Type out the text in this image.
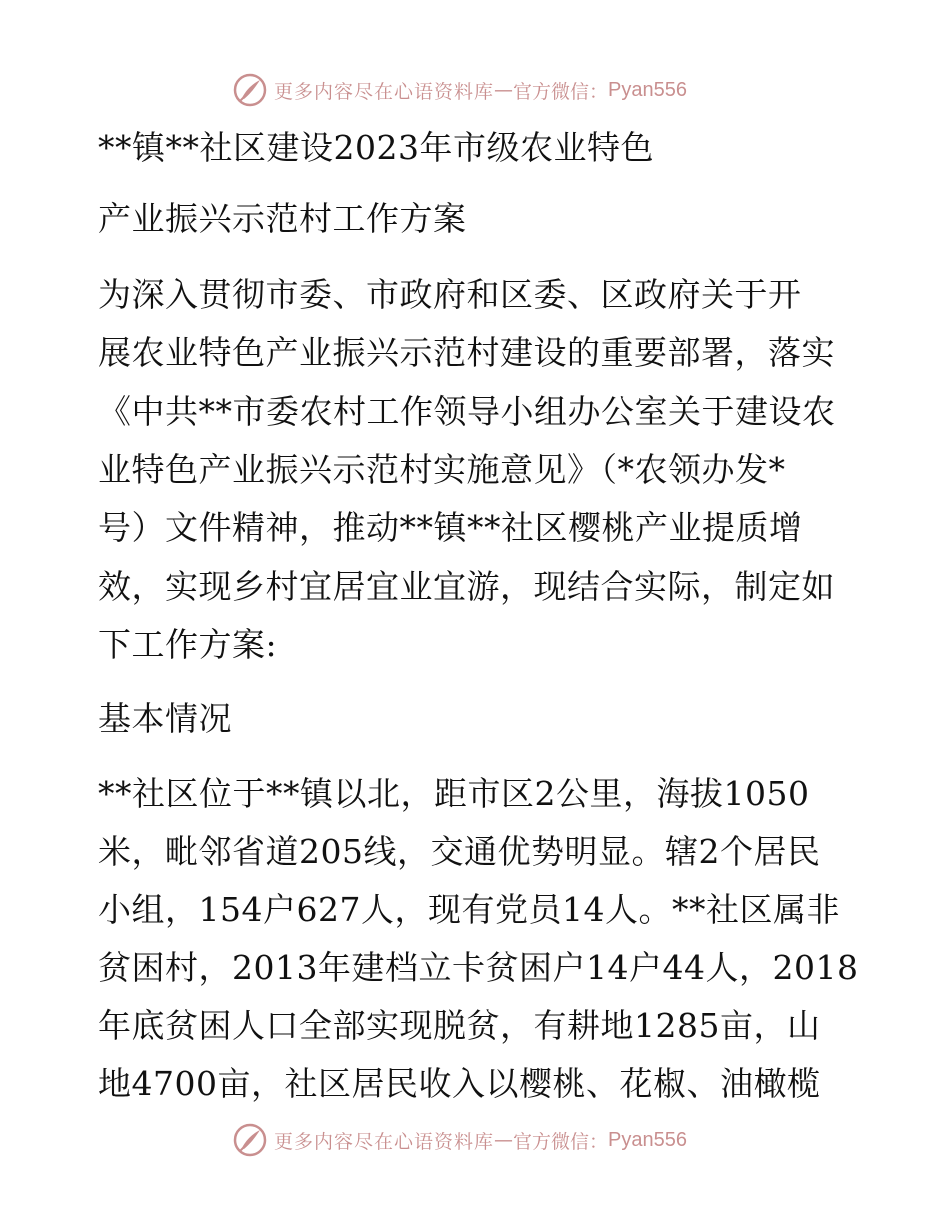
更多内容尽在心语资料库 — 官方微信： Pyan556
**镇**社区建设2023年市级农业特色
产业振兴示范村工作方案
为深入贯彻市委、市政府和区委、区政府关于开
展农业特色产业振兴示范村建设的重要部署，落实
《中共**市委农村工作领导小组办公室关于建设农
业特色产业振兴示范村实施意见》（*农领办发*
号）文件精神，推动**镇**社区樱桃产业提质增
效，实现乡村宜居宜业宜游，现结合实际，制定如
下工作方案:
基本情况
**社区位于**镇以北，距市区2公里，海拔1050
米，毗邻省道205线，交通优势明显。辖2个居民
小组，154户627人，现有党员14人。**社区属非
贫困村，2013年建档立卡贫困户14户44人，2018
年底贫困人口全部实现脱贫，有耕地1285亩，山
地4700亩，社区居民收入以樱桃、花椒、油橄榄
更多内容尽在心语资料库 — 官方微信： Pyan556
